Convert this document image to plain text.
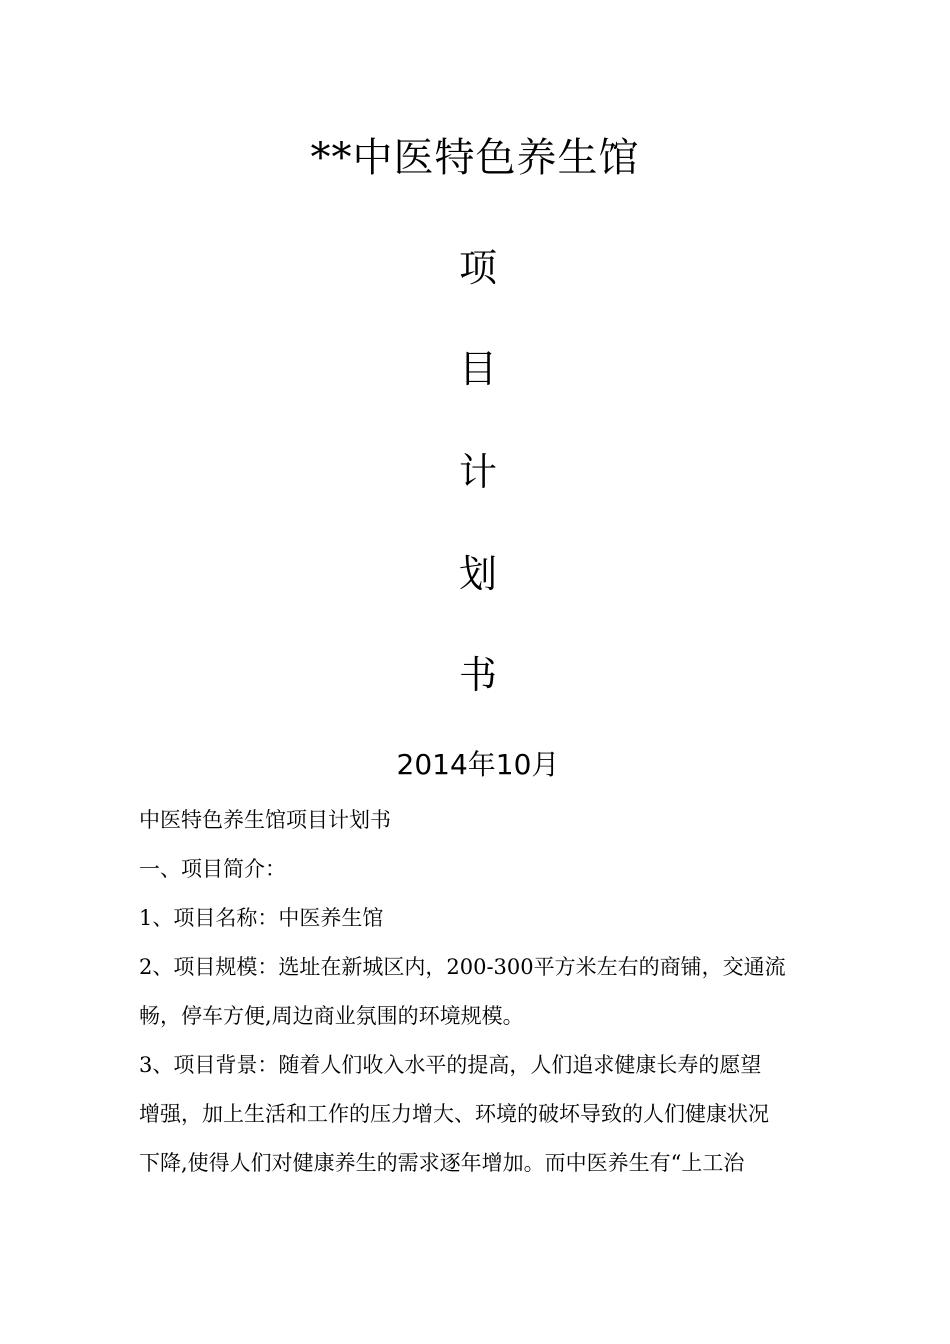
**中医特色养生馆
项
目
计
划
书
2014年10月
中医特色养生馆项目计划书
一、项目简介：
1、项目名称：中医养生馆
2、项目规模：选址在新城区内，200-300平方米左右的商铺，交通流
畅，停车方便,周边商业氛围的环境规模。
3、项目背景：随着人们收入水平的提高，人们追求健康长寿的愿望
增强，加上生活和工作的压力增大、环境的破坏导致的人们健康状况
下降,使得人们对健康养生的需求逐年增加。而中医养生有“上工治
